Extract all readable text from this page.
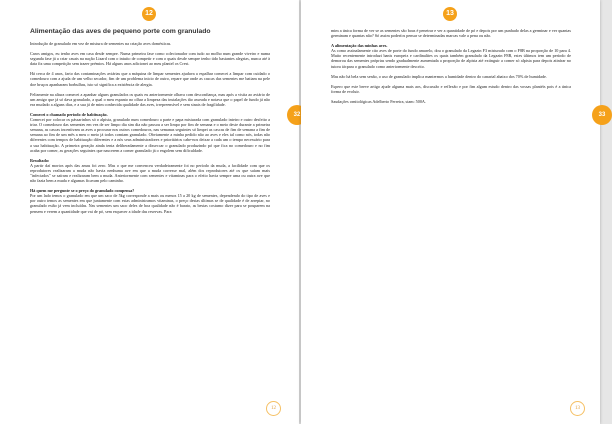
12
Alimentação das aves de pequeno porte com granulado

Introdução de granulado em vez de mistura de sementes na criação aves domésticas.

Caros amigos, eu tenho aves em casa desde sempre. Numa primeira fase como colecionador com tudo ao molho num grande viveiro e numa segunda fase já a criar casais na nação Lizard com o intuito de competir e com o quais desde sempre tenho tido bastantes alegrias, nunca até à data fiz uma competição sem trazer prémios. Há alguns anos adicionei ao meu plantel os Crest.

Há cerca de 4 anos, farto das contaminações aviárias que a máquina de limpar sementes ajudava a espalhar comecei a limpar com cuidado o comedouro com a ajuda de um velho secador, fim de um problema inicio de outro, repare que onde as cascas das sementes me batiam na pele doe bruços apanharam borbulhas, isto só significa a existência de alergia.

Felizmente na altura comecei a apanhar alguns granulados os quais eu anteriormente olhava com desconfiança, mas após a visita ao aviário de um amigo que já só dava granulado, a qual o meu espanto no olhar a limpeza das instalações tão asseada e notava que o papel de fundo já não era mudado a alguns dias, e a sua já de mim conhecida qualidade das aves, irrepreensível e sem sinais de fragilidade.

Comecei o chamado período de habituação.
Comecei por colocar os pássarinhos só o alpista, granulado num comedouro a parte e papa misturada com granulado inteiro e outro desfeito a triar. O comedouro das sementes em vez de ser limpo dia sim dia não passou a ser limpo por fim de semana e o meio deste durante a primeira semana, as cascas incentivam as aves a procurar nos outros comedouros, nas semanas seguintes só limpei as cascas de fim de semana a fim de semana ao fim de um mês a meu o meio já todos comiam granulado. Obviamente a minha pedido não ao aves e eles tal como nós, todas não diferentes com tempos de habituação diferentes e a nós seus administradores e prioritários cabe-nos deixar a cada um o tempo necessário para a sua habituação. A primeira geração ainda tenta deliberadamente a disseccar o granulado produzindo pó que fica no comedouro e no fim acaba por comer, as gerações seguintes que nascerem a comer granulado já o engolem sem dificuldade.

Resultado:
A partir daí mortos após das amas foi zero. Mas o que me convenceu verdadeiramente foi no período da muda, a facilidade com que os reprodutores realizaram a muda não havia nenhuma ave em que a muda corresse mal, além dos reprodutores até os que saíam mais "infectados" se saíram e realizaram bem a muda. Anteriormente com sementes e vitaminas para o efeito havia sempre uma ou outra ave que não fazia bem a muda e algumas ficavam pelo caminho.

Há quem me pergunte se o preço do granulado compensa?
Por um lado temos o granulado em que um saco de 5kg corresponde a mais ou menos 15 a 20 kg de sementes, dependendo do tipo de aves e por outro temos as sementes em que juntamente com estas administramos vitaminas, o preço destas últimas se de qualidade é de arrepiar, no granulado estão já vem incluídas. Nas sementes um saco deles de boa qualidade não é barato, as bestas costumo dizer para se pouparem na pensem e verem a quantidade que vai de pó, sem esquecer a idade das reservas. Para

32
12
13

mim a única forma de ver se as sementes são boas é penetrar e ver a quantidade de pó e depois por um punhado delas a germinar e ver quantas germinam e quantas não? Só assim poderíos pensar se determinadas marcas vale a pena ou não.

A alimentação das minhas aves.
As como assinalamente cito aves de porte do fundo amarelo, dou o granulado da Legazin F3 misturado com o F8B na proporção de 10 para 4. Muito recentemente introduzi banis europeiz e cardinalites os quais também granulado da Legazin F8B, estes últimos tem um período de demorou das sementes próprias sendo gradualmente aumentada a proporção de alpista até extinguir a comer só alpista para depois atinírar no tutora iácpara o granulado como anteriormente descrito.

Mas não há bela sem senão, o uso de granulado implica mantermos a humidade dentro do canarial abaixo dos 70% de humidade.

Espero que este breve artigo ajude alguma mais aos, discussão e reflexão e por fim algum estudo dentro das vossas plantéis pois é a única forma de evoluir.

Saudações ornitológicas Adelberto Ferreira, stam: 500A.

33
13
